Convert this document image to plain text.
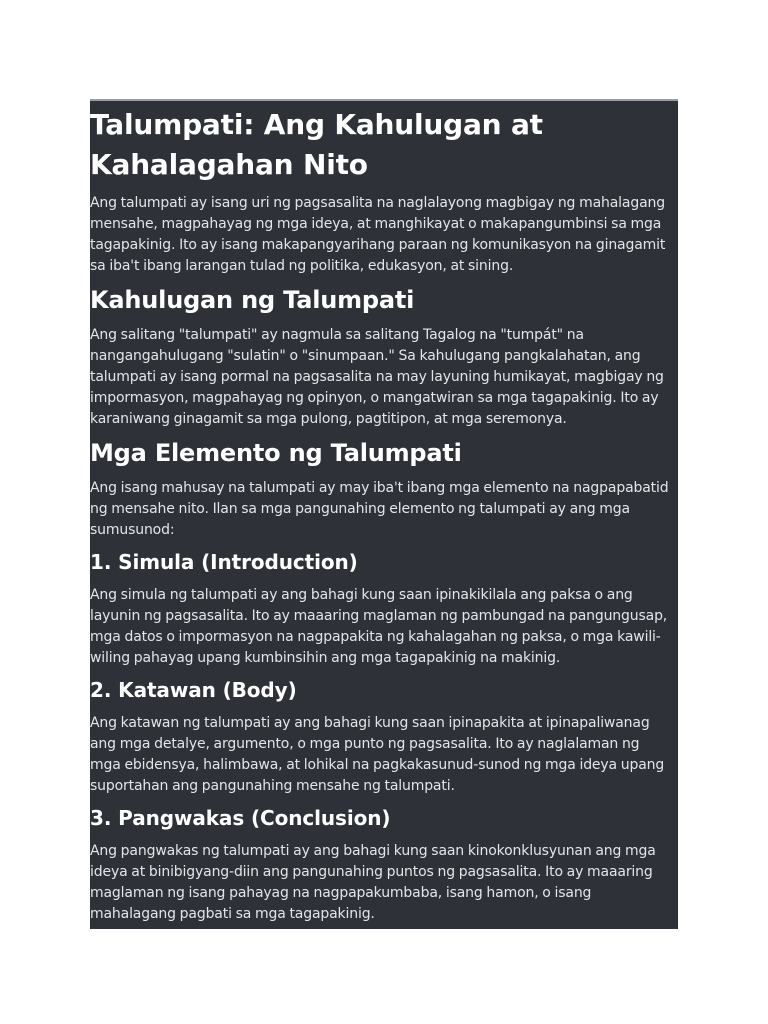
Talumpati: Ang Kahulugan at Kahalagahan Nito

Ang talumpati ay isang uri ng pagsasalita na naglalayong magbigay ng mahalagang mensahe, magpahayag ng mga ideya, at manghikayat o makapangumbinsi sa mga tagapakinig. Ito ay isang makapangyarihang paraan ng komunikasyon na ginagamit sa iba't ibang larangan tulad ng politika, edukasyon, at sining.

Kahulugan ng Talumpati

Ang salitang "talumpati" ay nagmula sa salitang Tagalog na "tumpát" na nangangahulugang "sulatin" o "sinumpaan." Sa kahulugang pangkalahatan, ang talumpati ay isang pormal na pagsasalita na may layuning humikayat, magbigay ng impormasyon, magpahayag ng opinyon, o mangatwiran sa mga tagapakinig. Ito ay karaniwang ginagamit sa mga pulong, pagtitipon, at mga seremonya.

Mga Elemento ng Talumpati

Ang isang mahusay na talumpati ay may iba't ibang mga elemento na nagpapabatid ng mensahe nito. Ilan sa mga pangunahing elemento ng talumpati ay ang mga sumusunod:

1. Simula (Introduction)

Ang simula ng talumpati ay ang bahagi kung saan ipinakikilala ang paksa o ang layunin ng pagsasalita. Ito ay maaaring maglaman ng pambungad na pangungusap, mga datos o impormasyon na nagpapakita ng kahalagahan ng paksa, o mga kawili-wiling pahayag upang kumbinsihin ang mga tagapakinig na makinig.

2. Katawan (Body)

Ang katawan ng talumpati ay ang bahagi kung saan ipinapakita at ipinapaliwanag ang mga detalye, argumento, o mga punto ng pagsasalita. Ito ay naglalaman ng mga ebidensya, halimbawa, at lohikal na pagkakasunud-sunod ng mga ideya upang suportahan ang pangunahing mensahe ng talumpati.

3. Pangwakas (Conclusion)

Ang pangwakas ng talumpati ay ang bahagi kung saan kinokonklusyunan ang mga ideya at binibigyang-diin ang pangunahing puntos ng pagsasalita. Ito ay maaaring maglaman ng isang pahayag na nagpapakumbaba, isang hamon, o isang mahalagang pagbati sa mga tagapakinig.
